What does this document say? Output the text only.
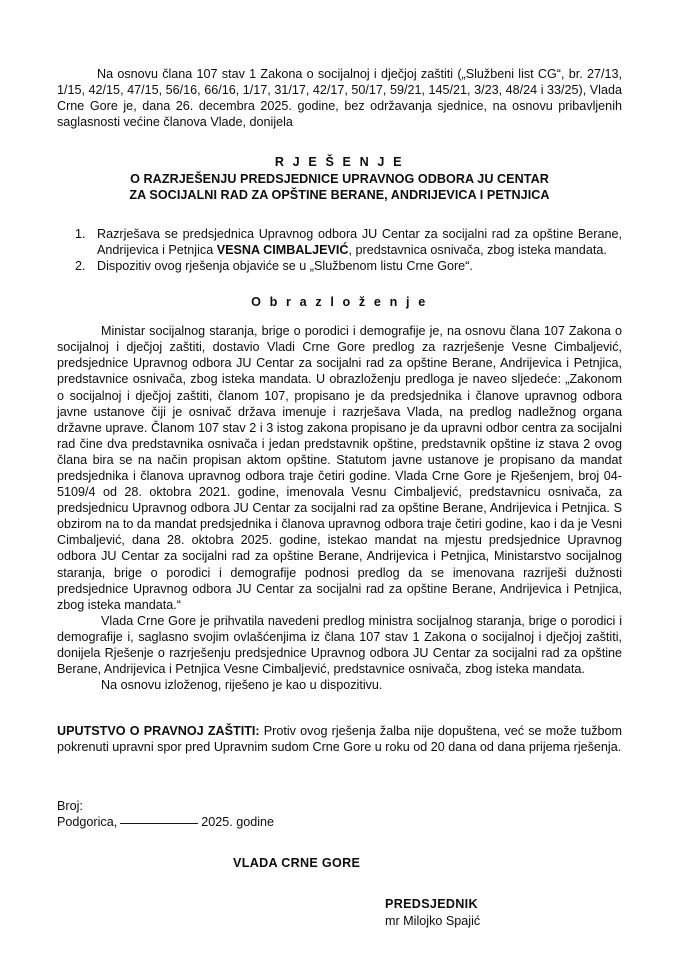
Na osnovu člana 107 stav 1 Zakona o socijalnoj i dječjoj zaštiti („Službeni list CG“, br. 27/13, 1/15, 42/15, 47/15, 56/16, 66/16, 1/17, 31/17, 42/17, 50/17, 59/21, 145/21, 3/23, 48/24 i 33/25), Vlada Crne Gore je, dana 26. decembra 2025. godine, bez održavanja sjednice, na osnovu pribavljenih saglasnosti većine članova Vlade, donijela

R J E Š E N J E
O RAZRJEŠENJU PREDSJEDNICE UPRAVNOG ODBORA JU CENTAR
ZA SOCIJALNI RAD ZA OPŠTINE BERANE, ANDRIJEVICA I PETNJICA
1. Razrješava se predsjednica Upravnog odbora JU Centar za socijalni rad za opštine Berane, Andrijevica i Petnjica VESNA CIMBALJEVIĆ, predstavnica osnivača, zbog isteka mandata.
2. Dispozitiv ovog rješenja objaviće se u „Službenom listu Crne Gore“.
O b r a z l o ž e n j e

Ministar socijalnog staranja, brige o porodici i demografije je, na osnovu člana 107 Zakona o socijalnoj i dječjoj zaštiti, dostavio Vladi Crne Gore predlog za razrješenje Vesne Cimbaljević, predsjednice Upravnog odbora JU Centar za socijalni rad za opštine Berane, Andrijevica i Petnjica, predstavnice osnivača, zbog isteka mandata. U obrazloženju predloga je naveo sljedeće: „Zakonom o socijalnoj i dječjoj zaštiti, članom 107, propisano je da predsjednika i članove upravnog odbora javne ustanove čiji je osnivač država imenuje i razrješava Vlada, na predlog nadležnog organa državne uprave. Članom 107 stav 2 i 3 istog zakona propisano je da upravni odbor centra za socijalni rad čine dva predstavnika osnivača i jedan predstavnik opštine, predstavnik opštine iz stava 2 ovog člana bira se na način propisan aktom opštine. Statutom javne ustanove je propisano da mandat predsjednika i članova upravnog odbora traje četiri godine. Vlada Crne Gore je Rješenjem, broj 04-5109/4 od 28. oktobra 2021. godine, imenovala Vesnu Cimbaljević, predstavnicu osnivača, za predsjednicu Upravnog odbora JU Centar za socijalni rad za opštine Berane, Andrijevica i Petnjica. S obzirom na to da mandat predsjednika i članova upravnog odbora traje četiri godine, kao i da je Vesni Cimbaljević, dana 28. oktobra 2025. godine, istekao mandat na mjestu predsjednice Upravnog odbora JU Centar za socijalni rad za opštine Berane, Andrijevica i Petnjica, Ministarstvo socijalnog staranja, brige o porodici i demografije podnosi predlog da se imenovana razriješi dužnosti predsjednice Upravnog odbora JU Centar za socijalni rad za opštine Berane, Andrijevica i Petnjica, zbog isteka mandata.“

Vlada Crne Gore je prihvatila navedeni predlog ministra socijalnog staranja, brige o porodici i demografije i, saglasno svojim ovlašćenjima iz člana 107 stav 1 Zakona o socijalnoj i dječjoj zaštiti, donijela Rješenje o razrješenju predsjednice Upravnog odbora JU Centar za socijalni rad za opštine Berane, Andrijevica i Petnjica Vesne Cimbaljević, predstavnice osnivača, zbog isteka mandata.

Na osnovu izloženog, riješeno je kao u dispozitivu.

UPUTSTVO O PRAVNOJ ZAŠTITI: Protiv ovog rješenja žalba nije dopuštena, već se može tužbom pokrenuti upravni spor pred Upravnim sudom Crne Gore u roku od 20 dana od dana prijema rješenja.

Broj:
Podgorica,	2025. godine
VLADA CRNE GORE
PREDSJEDNIK
mr Milojko Spajić
